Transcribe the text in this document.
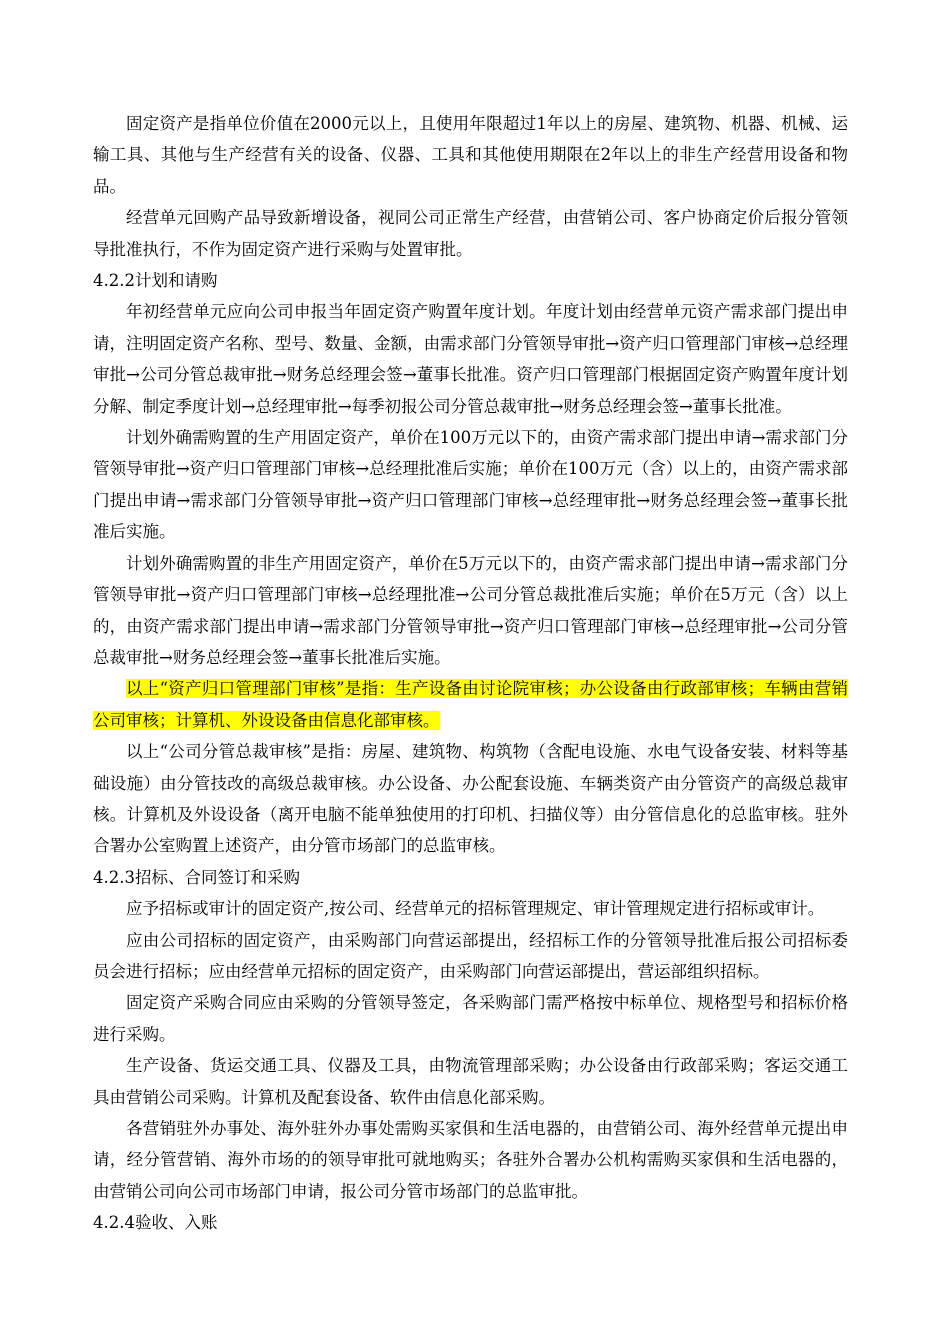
固定资产是指单位价值在2000元以上，且使用年限超过1年以上的房屋、建筑物、机器、机械、运输工具、其他与生产经营有关的设备、仪器、工具和其他使用期限在2年以上的非生产经营用设备和物品。

经营单元回购产品导致新增设备，视同公司正常生产经营，由营销公司、客户协商定价后报分管领导批准执行，不作为固定资产进行采购与处置审批。

4.2.2计划和请购

年初经营单元应向公司申报当年固定资产购置年度计划。年度计划由经营单元资产需求部门提出申请，注明固定资产名称、型号、数量、金额，由需求部门分管领导审批→资产归口管理部门审核→总经理审批→公司分管总裁审批→财务总经理会签→董事长批准。资产归口管理部门根据固定资产购置年度计划分解、制定季度计划→总经理审批→每季初报公司分管总裁审批→财务总经理会签→董事长批准。

计划外确需购置的生产用固定资产，单价在100万元以下的，由资产需求部门提出申请→需求部门分管领导审批→资产归口管理部门审核→总经理批准后实施；单价在100万元（含）以上的，由资产需求部门提出申请→需求部门分管领导审批→资产归口管理部门审核→总经理审批→财务总经理会签→董事长批准后实施。

计划外确需购置的非生产用固定资产，单价在5万元以下的，由资产需求部门提出申请→需求部门分管领导审批→资产归口管理部门审核→总经理批准→公司分管总裁批准后实施；单价在5万元（含）以上的，由资产需求部门提出申请→需求部门分管领导审批→资产归口管理部门审核→总经理审批→公司分管总裁审批→财务总经理会签→董事长批准后实施。

以上“资产归口管理部门审核”是指：生产设备由讨论院审核；办公设备由行政部审核；车辆由营销公司审核；计算机、外设设备由信息化部审核。

以上“公司分管总裁审核”是指：房屋、建筑物、构筑物（含配电设施、水电气设备安装、材料等基础设施）由分管技改的高级总裁审核。办公设备、办公配套设施、车辆类资产由分管资产的高级总裁审核。计算机及外设设备（离开电脑不能单独使用的打印机、扫描仪等）由分管信息化的总监审核。驻外合署办公室购置上述资产，由分管市场部门的总监审核。

4.2.3招标、合同签订和采购

应予招标或审计的固定资产,按公司、经营单元的招标管理规定、审计管理规定进行招标或审计。

应由公司招标的固定资产，由采购部门向营运部提出，经招标工作的分管领导批准后报公司招标委员会进行招标；应由经营单元招标的固定资产，由采购部门向营运部提出，营运部组织招标。

固定资产采购合同应由采购的分管领导签定，各采购部门需严格按中标单位、规格型号和招标价格进行采购。

生产设备、货运交通工具、仪器及工具，由物流管理部采购；办公设备由行政部采购；客运交通工具由营销公司采购。计算机及配套设备、软件由信息化部采购。

各营销驻外办事处、海外驻外办事处需购买家俱和生活电器的，由营销公司、海外经营单元提出申请，经分管营销、海外市场的的领导审批可就地购买；各驻外合署办公机构需购买家俱和生活电器的，由营销公司向公司市场部门申请，报公司分管市场部门的总监审批。

4.2.4验收、入账
